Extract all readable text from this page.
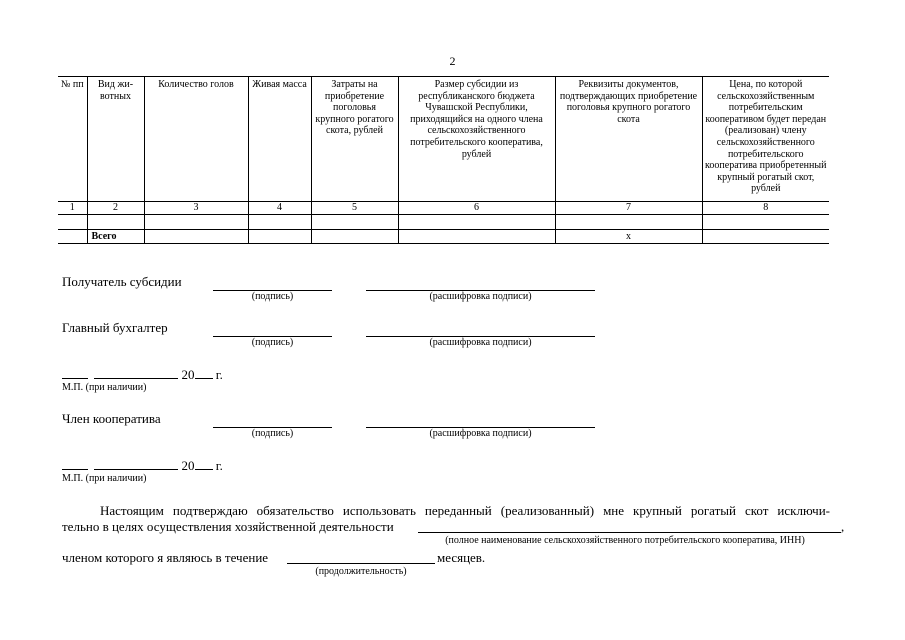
2
№ пп	Вид жи-вотных	Количество голов	Живая масса	Затраты на приобретение поголовья крупного рогатого скота, рублей	Размер субсидии из республиканского бюджета Чувашской Республики, приходящийся на одного члена сельскохозяйственного потребительского кооператива, рублей	Реквизиты документов, подтверждающих приобретение поголовья крупного рогатого скота	Цена, по которой сельскохозяйственным потребительским кооперативом будет передан (реализован) члену сельскохозяйственного потребительского кооператива приобретенный крупный рогатый скот, рублей
1	2	3	4	5	6	7	8

	Всего					x	
Получатель субсидии
(подпись)	(расшифровка подписи)
Главный бухгалтер
(подпись)	(расшифровка подписи)
20 г.
М.П. (при наличии)
Член кооператива
(подпись)	(расшифровка подписи)
20 г.
М.П. (при наличии)
Настоящим подтверждаю обязательство использовать переданный (реализованный) мне крупный рогатый скот исключи-
тельно в целях осуществления хозяйственной деятельности	,
(полное наименование сельскохозяйственного потребительского кооператива, ИНН)
членом которого я являюсь в течение	месяцев.
(продолжительность)
